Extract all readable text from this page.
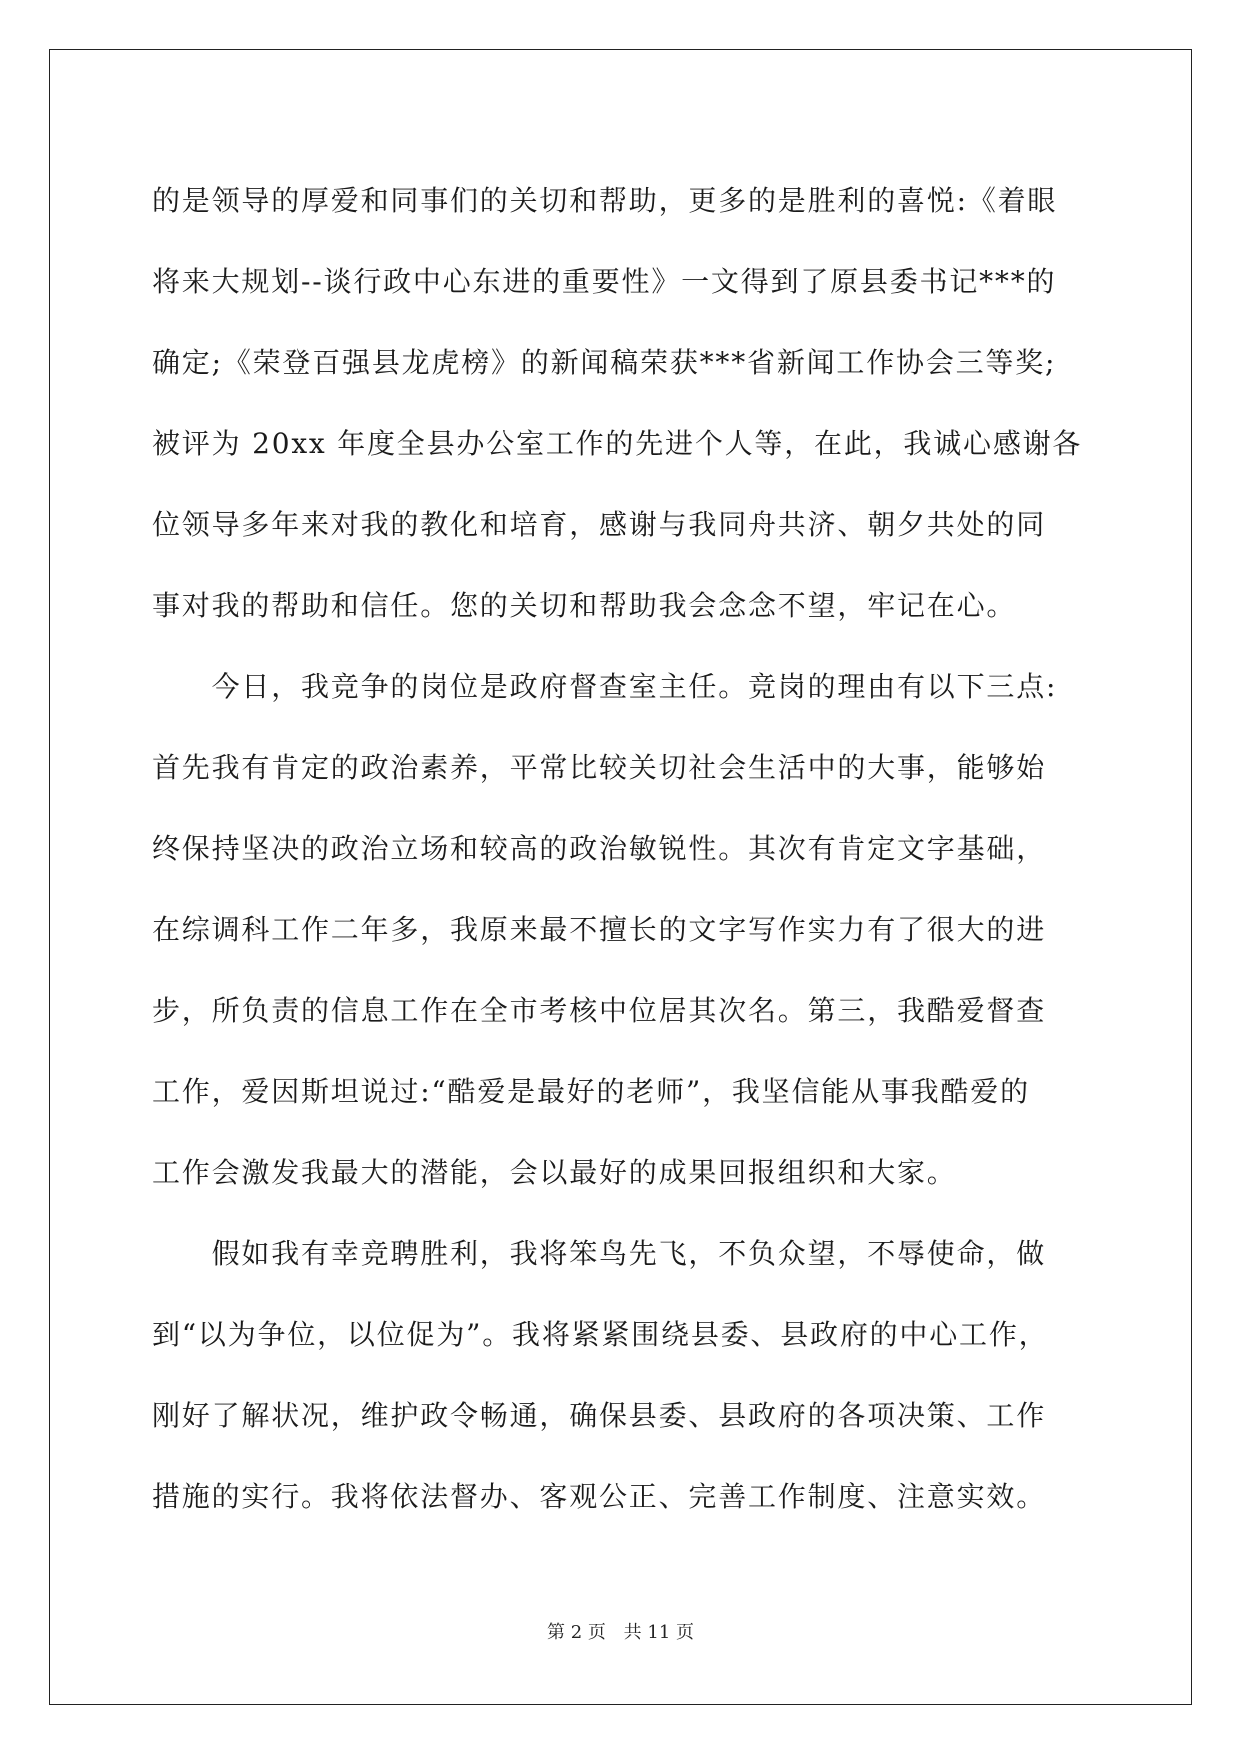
的是领导的厚爱和同事们的关切和帮助，更多的是胜利的喜悦:《着眼

将来大规划--谈行政中心东进的重要性》一文得到了原县委书记***的

确定;《荣登百强县龙虎榜》的新闻稿荣获***省新闻工作协会三等奖;

被评为 20xx 年度全县办公室工作的先进个人等，在此，我诚心感谢各

位领导多年来对我的教化和培育，感谢与我同舟共济、朝夕共处的同

事对我的帮助和信任。您的关切和帮助我会念念不望，牢记在心。

　　今日，我竞争的岗位是政府督查室主任。竞岗的理由有以下三点:

首先我有肯定的政治素养，平常比较关切社会生活中的大事，能够始

终保持坚决的政治立场和较高的政治敏锐性。其次有肯定文字基础，

在综调科工作二年多，我原来最不擅长的文字写作实力有了很大的进

步，所负责的信息工作在全市考核中位居其次名。第三，我酷爱督查

工作，爱因斯坦说过:“酷爱是最好的老师”，我坚信能从事我酷爱的

工作会激发我最大的潜能，会以最好的成果回报组织和大家。

　　假如我有幸竞聘胜利，我将笨鸟先飞，不负众望，不辱使命，做

到“以为争位，以位促为”。我将紧紧围绕县委、县政府的中心工作，

刚好了解状况，维护政令畅通，确保县委、县政府的各项决策、工作

措施的实行。我将依法督办、客观公正、完善工作制度、注意实效。

第 2 页 共 11 页
